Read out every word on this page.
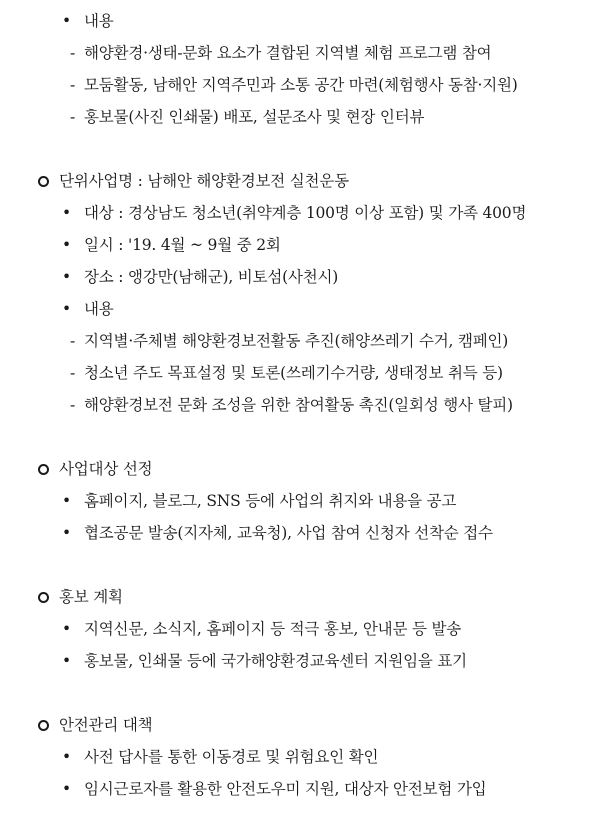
• 내용
- 해양환경·생태-문화 요소가 결합된 지역별 체험 프로그램 참여
- 모둠활동, 남해안 지역주민과 소통 공간 마련(체험행사 동참·지원)
- 홍보물(사진 인쇄물) 배포, 설문조사 및 현장 인터뷰
단위사업명 : 남해안 해양환경보전 실천운동
• 대상 : 경상남도 청소년(취약계층 100명 이상 포함) 및 가족 400명
• 일시 : '19. 4월 ~ 9월 중 2회
• 장소 : 앵강만(남해군), 비토섬(사천시)
• 내용
- 지역별·주체별 해양환경보전활동 추진(해양쓰레기 수거, 캠페인)
- 청소년 주도 목표설정 및 토론(쓰레기수거량, 생태정보 취득 등)
- 해양환경보전 문화 조성을 위한 참여활동 촉진(일회성 행사 탈피)
사업대상 선정
• 홈페이지, 블로그, SNS 등에 사업의 취지와 내용을 공고
• 협조공문 발송(지자체, 교육청), 사업 참여 신청자 선착순 접수
홍보 계획
• 지역신문, 소식지, 홈페이지 등 적극 홍보, 안내문 등 발송
• 홍보물, 인쇄물 등에 국가해양환경교육센터 지원임을 표기
안전관리 대책
• 사전 답사를 통한 이동경로 및 위험요인 확인
• 임시근로자를 활용한 안전도우미 지원, 대상자 안전보험 가입
